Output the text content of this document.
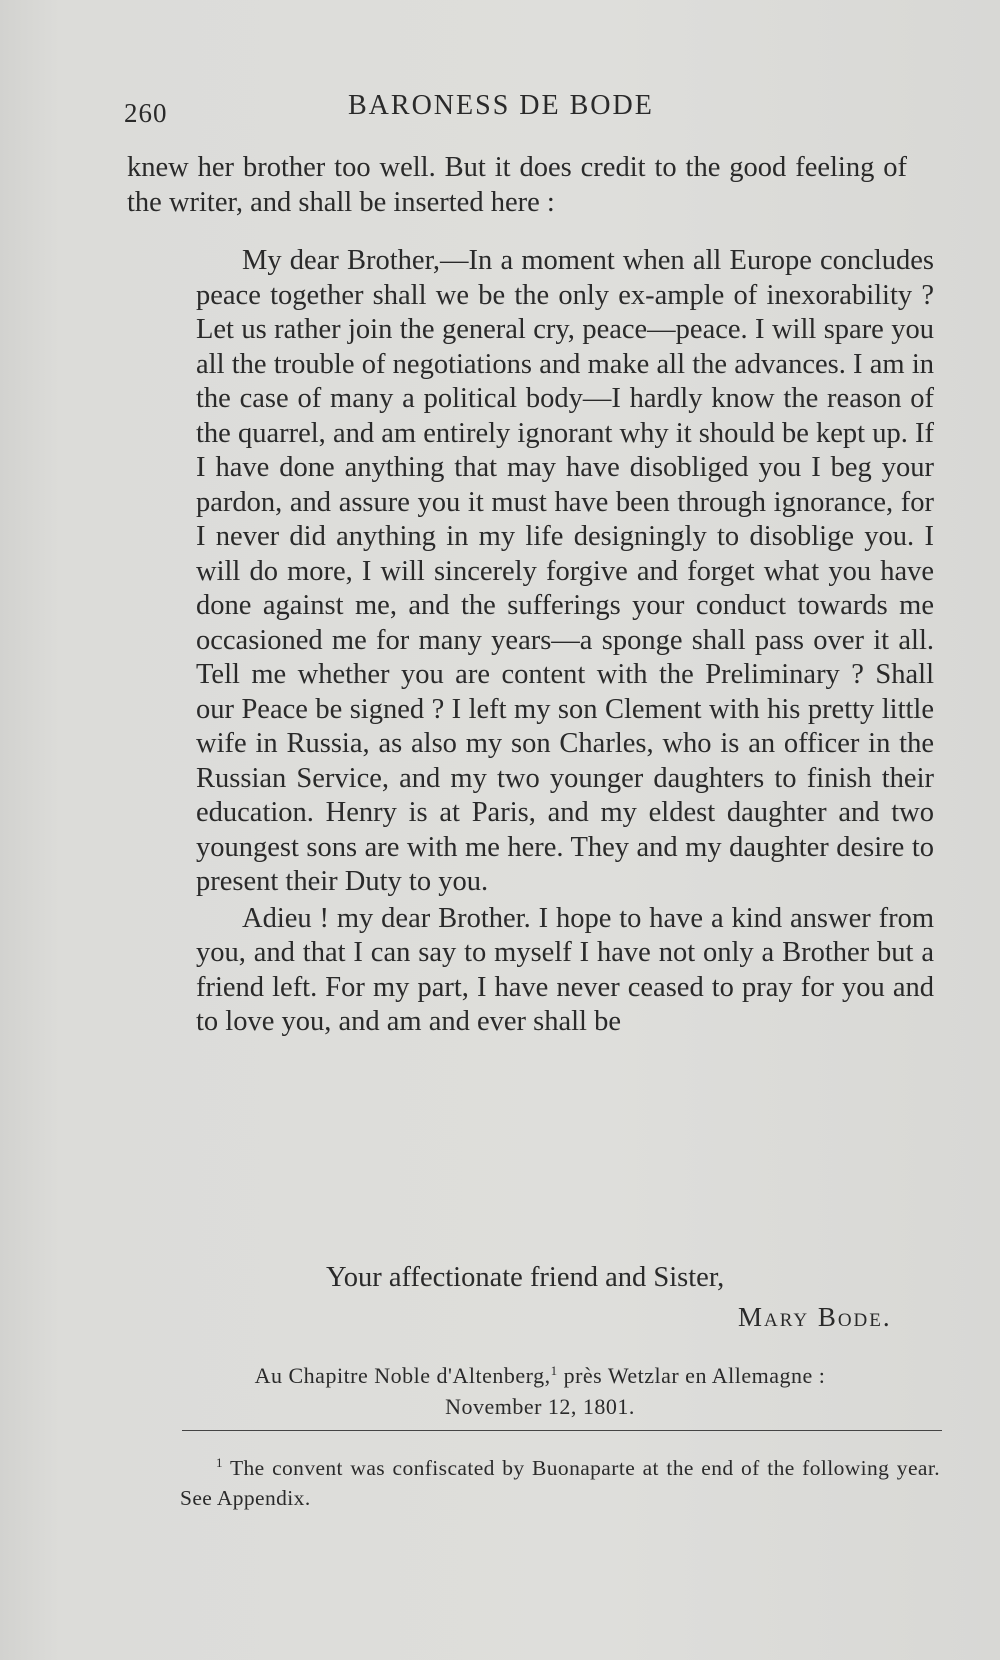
260	BARONESS DE BODE
knew her brother too well. But it does credit to the good feeling of the writer, and shall be inserted here :

My dear Brother,—In a moment when all Europe concludes peace together shall we be the only ex-ample of inexorability ? Let us rather join the general cry, peace—peace. I will spare you all the trouble of negotiations and make all the advances. I am in the case of many a political body—I hardly know the reason of the quarrel, and am entirely ignorant why it should be kept up. If I have done anything that may have disobliged you I beg your pardon, and assure you it must have been through ignorance, for I never did anything in my life designingly to disoblige you. I will do more, I will sincerely forgive and forget what you have done against me, and the sufferings your conduct towards me occasioned me for many years—a sponge shall pass over it all. Tell me whether you are content with the Preliminary ? Shall our Peace be signed ? I left my son Clement with his pretty little wife in Russia, as also my son Charles, who is an officer in the Russian Service, and my two younger daughters to finish their education. Henry is at Paris, and my eldest daughter and two youngest sons are with me here. They and my daughter desire to present their Duty to you.

Adieu ! my dear Brother. I hope to have a kind answer from you, and that I can say to myself I have not only a Brother but a friend left. For my part, I have never ceased to pray for you and to love you, and am and ever shall be

Your affectionate friend and Sister,
Mary Bode.
Au Chapitre Noble d'Altenberg,$^1$ près Wetzlar en Allemagne :
November 12, 1801.
$^1$ The convent was confiscated by Buonaparte at the end of the following year. See Appendix.
